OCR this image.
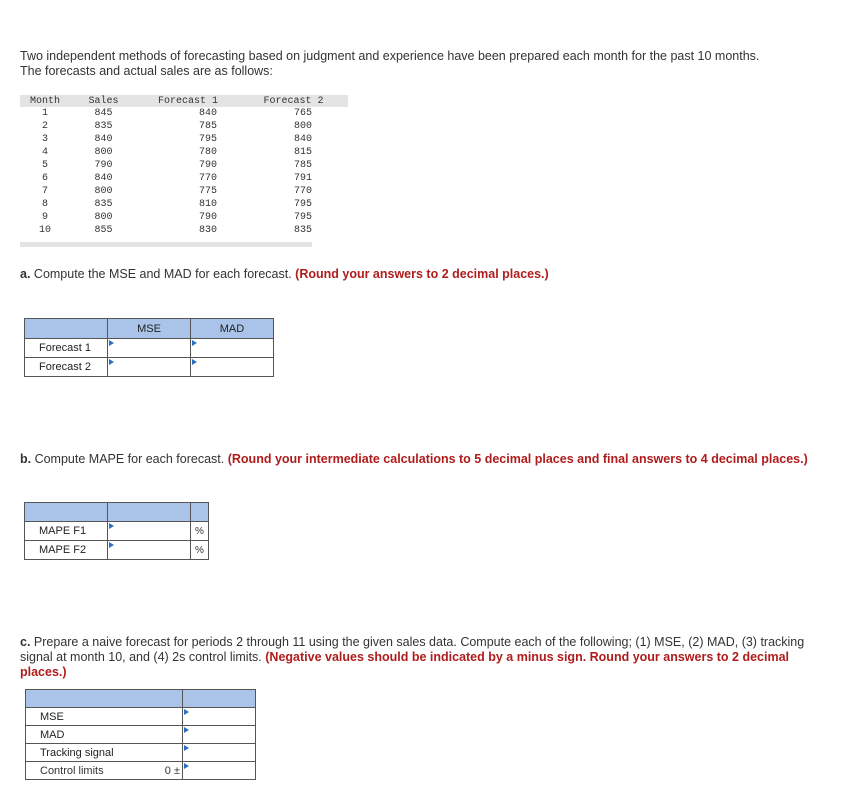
Two independent methods of forecasting based on judgment and experience have been prepared each month for the past 10 months.
The forecasts and actual sales are as follows:
Month	Sales	Forecast 1	Forecast 2
1	845	840	765
2	835	785	800
3	840	795	840
4	800	780	815
5	790	790	785
6	840	770	791
7	800	775	770
8	835	810	795
9	800	790	795
10	855	830	835
a. Compute the MSE and MAD for each forecast. (Round your answers to 2 decimal places.)
	MSE	MAD
Forecast 1	

Forecast 2	

b. Compute MAPE for each forecast. (Round your intermediate calculations to 5 decimal places and final answers to 4 decimal places.)

MAPE F1		%
MAPE F2		%
c. Prepare a naive forecast for periods 2 through 11 using the given sales data. Compute each of the following; (1) MSE, (2) MAD, (3) tracking signal at month 10, and (4) 2s control limits. (Negative values should be indicated by a minus sign. Round your answers to 2 decimal places.)

MSE	

MAD	

Tracking signal	

Control limits 0 ±
